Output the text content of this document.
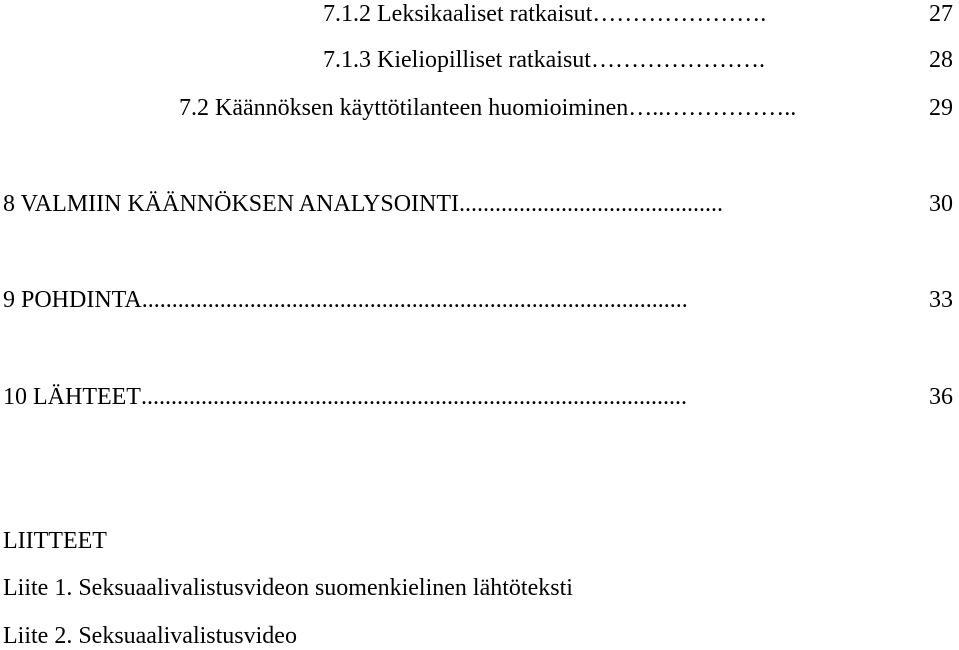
7.1.2 Leksikaaliset ratkaisut ………………….	27
7.1.3 Kieliopilliset ratkaisut ………………….	28
7.2 Käännöksen käyttötilanteen huomioiminen …..……………..	29
8 VALMIIN KÄÄNNÖKSEN ANALYSOINTI ............................................	30
9 POHDINTA ...........................................................................................	33
10 LÄHTEET ...........................................................................................	36
LIITTEET
Liite 1. Seksuaalivalistusvideon suomenkielinen lähtöteksti
Liite 2. Seksuaalivalistusvideo
